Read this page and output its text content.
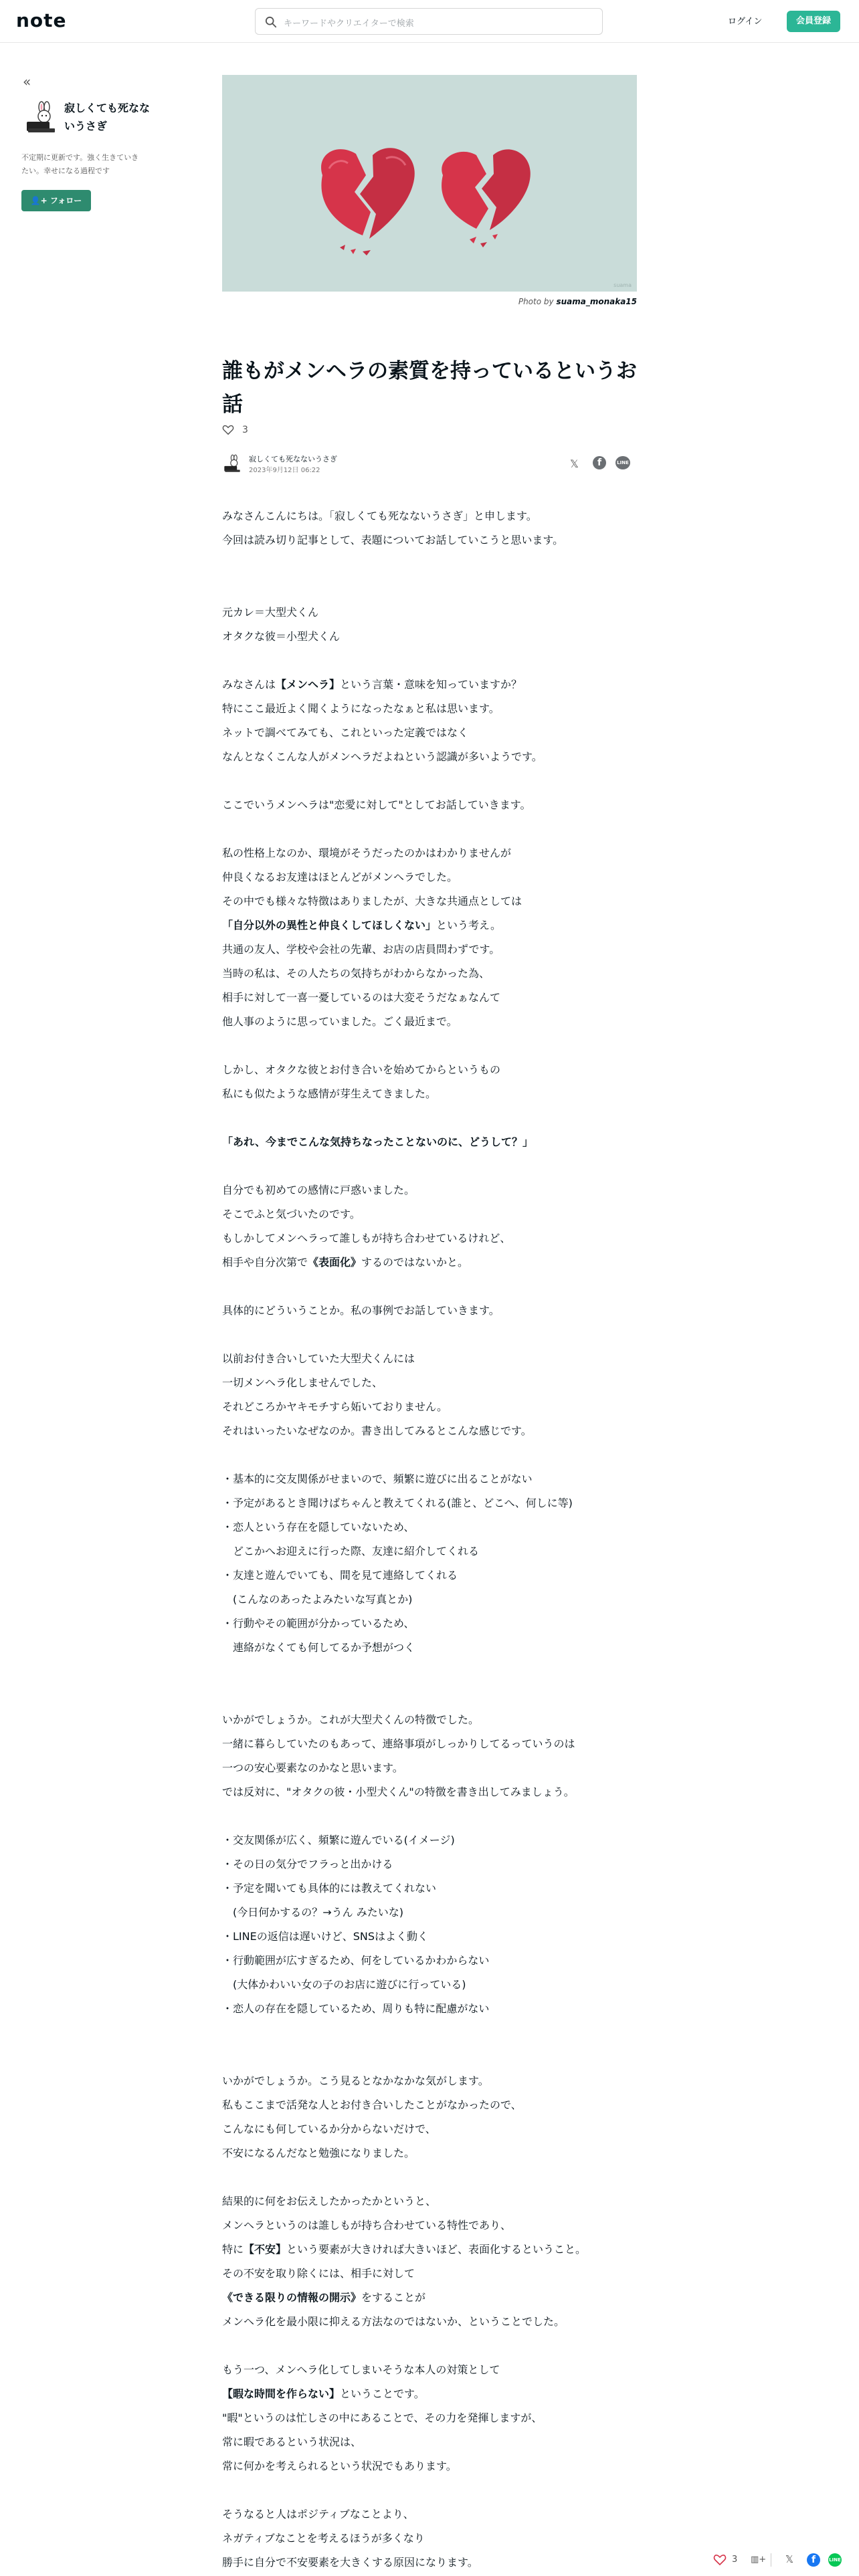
note	キーワードやクリエイターで検索	ログイン	会員登録
«
寂しくても死なないうさぎ
不定期に更新です。強く生きていきたい。幸せになる過程です
👤+ フォロー
suama
Photo by suama_monaka15
誰もがメンヘラの素質を持っているというお話
3
寂しくても死なないうさぎ
2023年9月12日 06:22
𝕏	f	LINE
みなさんこんにちは。「寂しくても死なないうさぎ」と申します。
今回は読み切り記事として、表題についてお話していこうと思います。
元カレ＝大型犬くん
オタクな彼＝小型犬くん
みなさんは【メンヘラ】という言葉・意味を知っていますか？
特にここ最近よく聞くようになったなぁと私は思います。
ネットで調べてみても、これといった定義ではなく
なんとなくこんな人がメンヘラだよねという認識が多いようです。
ここでいうメンヘラは"恋愛に対して"としてお話していきます。
私の性格上なのか、環境がそうだったのかはわかりませんが
仲良くなるお友達はほとんどがメンヘラでした。
その中でも様々な特徴はありましたが、大きな共通点としては
「自分以外の異性と仲良くしてほしくない」という考え。
共通の友人、学校や会社の先輩、お店の店員問わずです。
当時の私は、その人たちの気持ちがわからなかった為、
相手に対して一喜一憂しているのは大変そうだなぁなんて
他人事のように思っていました。ごく最近まで。
しかし、オタクな彼とお付き合いを始めてからというもの
私にも似たような感情が芽生えてきました。
「あれ、今までこんな気持ちなったことないのに、どうして？」
自分でも初めての感情に戸惑いました。
そこでふと気づいたのです。
もしかしてメンヘラって誰しもが持ち合わせているけれど、
相手や自分次第で《表面化》するのではないかと。
具体的にどういうことか。私の事例でお話していきます。
以前お付き合いしていた大型犬くんには
一切メンヘラ化しませんでした、
それどころかヤキモチすら妬いておりません。
それはいったいなぜなのか。書き出してみるとこんな感じです。
・基本的に交友関係がせまいので、頻繁に遊びに出ることがない
・予定があるとき聞けばちゃんと教えてくれる(誰と、どこへ、何しに等)
・恋人という存在を隠していないため、
　どこかへお迎えに行った際、友達に紹介してくれる
・友達と遊んでいても、間を見て連絡してくれる
　(こんなのあったよみたいな写真とか)
・行動やその範囲が分かっているため、
　連絡がなくても何してるか予想がつく
いかがでしょうか。これが大型犬くんの特徴でした。
一緒に暮らしていたのもあって、連絡事項がしっかりしてるっていうのは
一つの安心要素なのかなと思います。
では反対に、"オタクの彼・小型犬くん"の特徴を書き出してみましょう。
・交友関係が広く、頻繁に遊んでいる(イメージ)
・その日の気分でフラっと出かける
・予定を聞いても具体的には教えてくれない
　(今日何かするの？→うん みたいな)
・LINEの返信は遅いけど、SNSはよく動く
・行動範囲が広すぎるため、何をしているかわからない
　(大体かわいい女の子のお店に遊びに行っている)
・恋人の存在を隠しているため、周りも特に配慮がない
いかがでしょうか。こう見るとなかなかな気がします。
私もここまで活発な人とお付き合いしたことがなかったので、
こんなにも何しているか分からないだけで、
不安になるんだなと勉強になりました。
結果的に何をお伝えしたかったかというと、
メンヘラというのは誰しもが持ち合わせている特性であり、
特に【不安】という要素が大きければ大きいほど、表面化するということ。
その不安を取り除くには、相手に対して
《できる限りの情報の開示》をすることが
メンヘラ化を最小限に抑える方法なのではないか、ということでした。
もう一つ、メンヘラ化してしまいそうな本人の対策として
【暇な時間を作らない】ということです。
"暇"というのは忙しさの中にあることで、その力を発揮しますが、
常に暇であるという状況は、
常に何かを考えられるという状況でもあります。
そうなると人はポジティブなことより、
ネガティブなことを考えるほうが多くなり
勝手に自分で不安要素を大きくする原因になります。	3 ▥+ 𝕏	f	LINE
